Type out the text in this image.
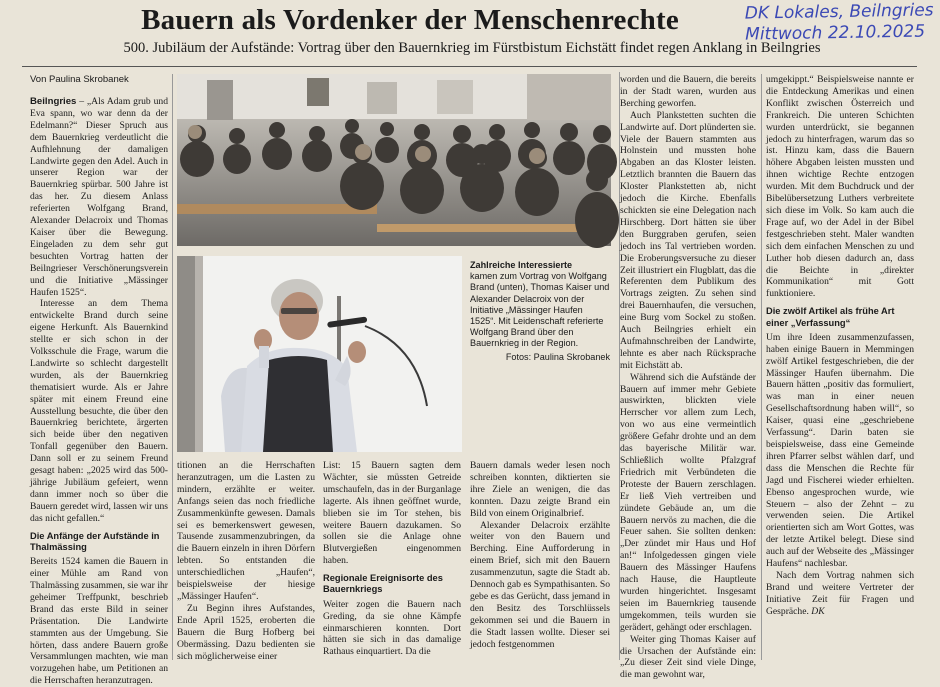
Bauern als Vordenker der Menschenrechte
500. Jubiläum der Aufstände: Vortrag über den Bauernkrieg im Fürstbistum Eichstätt findet regen Anklang in Beilngries
DK Lokales, Beilngries
Mittwoch 22.10.2025
Von Paulina Skrobanek

Beilngries – „Als Adam grub und Eva spann, wo war denn da der Edelmann?“ Dieser Spruch aus dem Bauernkrieg verdeutlicht die Aufhlehnung der damaligen Landwirte gegen den Adel. Auch in unserer Region war der Bauernkrieg spürbar. 500 Jahre ist das her. Zu diesem Anlass referierten Wolfgang Brand, Alexander Delacroix und Thomas Kaiser über die Bewegung. Eingeladen zu dem sehr gut besuchten Vortrag hatten der Beilngrieser Verschönerungsverein und die Initiative „Mässinger Haufen 1525“.

Interesse an dem Thema entwickelte Brand durch seine eigene Herkunft. Als Bauernkind stellte er sich schon in der Volksschule die Frage, warum die Landwirte so schlecht dargestellt wurden, als der Bauernkrieg thematisiert wurde. Als er Jahre später mit einem Freund eine Ausstellung besuchte, die über den Bauernkrieg berichtete, ärgerten sich beide über den negativen Tonfall gegenüber den Bauern. Dann soll er zu seinem Freund gesagt haben: „2025 wird das 500-jährige Jubiläum gefeiert, wenn dann immer noch so über die Bauern geredet wird, lassen wir uns das nicht gefallen.“

Die Anfänge der Aufstände in Thalmässing

Bereits 1524 kamen die Bauern in einer Mühle am Rand von Thalmässing zusammen, sie war ihr geheimer Treffpunkt, beschrieb Brand das erste Bild in seiner Präsentation. Die Landwirte stammten aus der Umgebung. Sie hörten, dass andere Bauern große Versammlungen machten, wie man vorzugehen habe, um Petitionen an die Herrschaften heranzutragen.

worden und die Bauern, die bereits in der Stadt waren, wurden aus Berching geworfen.

Auch Plankstetten suchten die Landwirte auf. Dort plünderten sie. Viele der Bauern stammten aus Holnstein und mussten hohe Abgaben an das Kloster leisten. Letztlich brannten die Bauern das Kloster Plankstetten ab, nicht jedoch die Kirche. Ebenfalls schickten sie eine Delegation nach Hirschberg. Dort hätten sie über den Burggraben gerufen, seien jedoch ins Tal vertrieben worden. Die Eroberungsversuche zu dieser Zeit illustriert ein Flugblatt, das die Referenten dem Publikum des Vortrags zeigten. Zu sehen sind drei Bauernhaufen, die versuchen, eine Burg vom Sockel zu stoßen. Auch Beilngries erhielt ein Aufmahnschreiben der Landwirte, lehnte es aber nach Rücksprache mit Eichstätt ab.

Während sich die Aufstände der Bauern auf immer mehr Gebiete auswirkten, blickten viele Herrscher vor allem zum Lech, von wo aus eine vermeintlich größere Gefahr drohte und an dem das bayerische Militär war. Schließlich wollte Pfalzgraf Friedrich mit Verbündeten die Proteste der Bauern zerschlagen. Er ließ Vieh vertreiben und zündete Gebäude an, um die Bauern nervös zu machen, die die Feuer sahen. Sie sollten denken: „Der zündet mir Haus und Hof an!“ Infolgedessen gingen viele Bauern des Mässinger Haufens nach Hause, die Hauptleute wurden hingerichtet. Insgesamt seien im Bauernkrieg tausende umgekommen, teils wurden sie gerädert, gehängt oder erschlagen.

Weiter ging Thomas Kaiser auf die Ursachen der Aufstände ein: „Zu dieser Zeit sind viele Dinge, die man gewohnt war,

umgekippt.“ Beispielsweise nannte er die Entdeckung Amerikas und einen Konflikt zwischen Österreich und Frankreich. Die unteren Schichten wurden unterdrückt, sie begannen jedoch zu hinterfragen, warum das so ist. Hinzu kam, dass die Bauern höhere Abgaben leisten mussten und ihnen wichtige Rechte entzogen wurden. Mit dem Buchdruck und der Bibelübersetzung Luthers verbreitete sich diese im Volk. So kam auch die Frage auf, wo der Adel in der Bibel festgeschrieben steht. Maler wandten sich dem einfachen Menschen zu und Luther hob diesen dadurch an, dass die Beichte in „direkter Kommunikation“ mit Gott funktioniere.

Die zwölf Artikel als frühe Art einer „Verfassung“

Um ihre Ideen zusammenzufassen, haben einige Bauern in Memmingen zwölf Artikel festgeschrieben, die der Mässinger Haufen übernahm. Die Bauern hätten „positiv das formuliert, was man in einer neuen Gesellschaftsordnung haben will“, so Kaiser, quasi eine „geschriebene Verfassung“. Darin baten sie beispielsweise, dass eine Gemeinde ihren Pfarrer selbst wählen darf, und dass die Menschen die Rechte für Jagd und Fischerei wieder erhielten. Ebenso angesprochen wurde, wie Steuern – also der Zehnt – zu verwenden seien. Die Artikel orientierten sich am Wort Gottes, was der letzte Artikel belegt. Diese sind auch auf der Webseite des „Mässinger Haufens“ nachlesbar.

Nach dem Vortrag nahmen sich Brand und weitere Vertreter der Initiative Zeit für Fragen und Gespräche. DK

Zahlreiche Interessierte
kamen zum Vortrag von Wolfgang Brand (unten), Thomas Kaiser und Alexander Delacroix von der Initiative „Mässinger Haufen 1525“. Mit Leidenschaft referierte Wolfgang Brand über den Bauernkrieg in der Region.
Fotos: Paulina Skrobanek

titionen an die Herrschaften heranzutragen, um die Lasten zu mindern, erzählte er weiter. Anfangs seien das noch friedliche Zusammenkünfte gewesen. Damals sei es bemerkenswert gewesen, Tausende zusammenzubringen, da die Bauern einzeln in ihren Dörfern lebten. So entstanden die unterschiedlichen „Haufen“, beispielsweise der hiesige „Mässinger Haufen“.

Zu Beginn ihres Aufstandes, Ende April 1525, eroberten die Bauern die Burg Hofberg bei Obermässing. Dazu bedienten sie sich möglicherweise einer

List: 15 Bauern sagten dem Wächter, sie müssten Getreide umschaufeln, das in der Burganlage lagerte. Als ihnen geöffnet wurde, blieben sie im Tor stehen, bis weitere Bauern dazukamen. So sollen sie die Anlage ohne Blutvergießen eingenommen haben.

Regionale Ereignisorte des Bauernkriegs

Weiter zogen die Bauern nach Greding, da sie ohne Kämpfe einmarschieren konnten. Dort hätten sie sich in das damalige Rathaus einquartiert. Da die

Bauern damals weder lesen noch schreiben konnten, diktierten sie ihre Ziele an wenigen, die das konnten. Dazu zeigte Brand ein Bild von einem Originalbrief.

Alexander Delacroix erzählte weiter von den Bauern und Berching. Eine Aufforderung in einem Brief, sich mit den Bauern zusammenzutun, sagte die Stadt ab. Dennoch gab es Sympathisanten. So gebe es das Gerücht, dass jemand in den Besitz des Torschlüssels gekommen sei und die Bauern in die Stadt lassen wollte. Dieser sei jedoch festgenommen
